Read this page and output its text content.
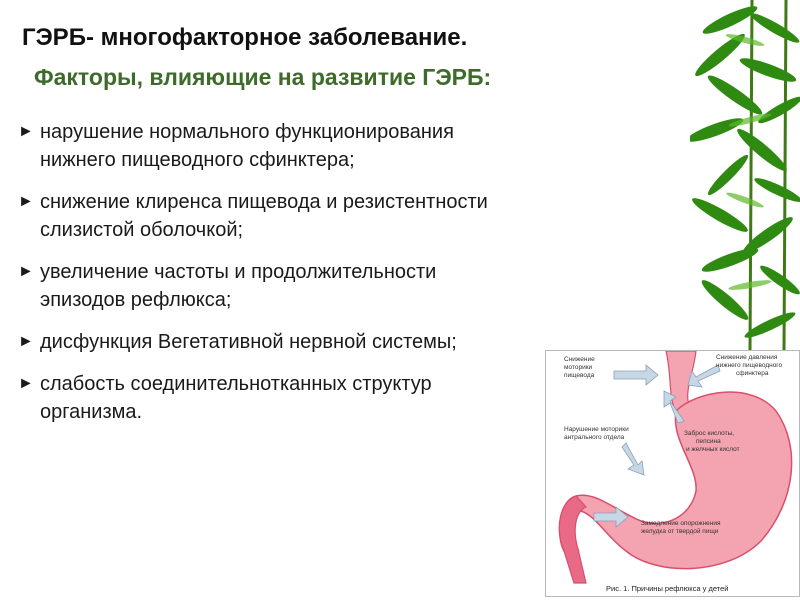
ГЭРБ- многофакторное заболевание.
Факторы, влияющие на развитие ГЭРБ:
► нарушение нормального функционирования
нижнего пищеводного сфинктера;
► снижение клиренса пищевода и резистентности
слизистой оболочкой;
► увеличение частоты и продолжительности
эпизодов рефлюкса;
► дисфункция Вегетативной нервной системы;
► слабость соединительнотканных структур
организма.
Снижение
моторики
пищевода
Снижение давления
нижнего пищеводного
сфинктера
Нарушение моторики
антрального отдела
Заброс кислоты,
пепсина
и желчных кислот
Замедление опорожнения
желудка от твердой пищи
Рис. 1. Причины рефлюкса у детей
